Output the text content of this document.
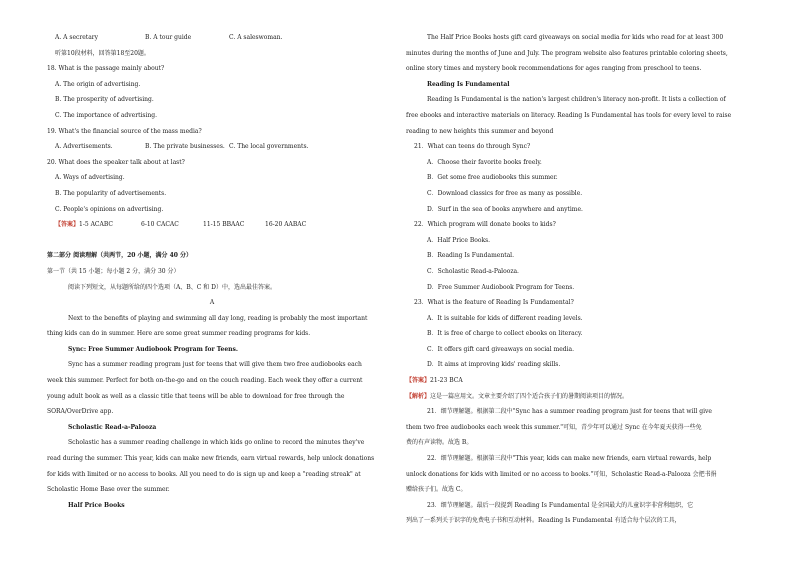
A. A secretary	B. A tour guide	C. A saleswoman.
听第10段材料，回答第18至20题。
18. What is the passage mainly about?
A. The origin of advertising.
B. The prosperity of advertising.
C. The importance of advertising.
19. What's the financial source of the mass media?
A. Advertisements.	B. The private businesses. C. The local governments.
20. What does the speaker talk about at last?
A. Ways of advertising.
B. The popularity of advertisements.
C. People's opinions on advertising.
【答案】 1-5 ACABC	6-10 CACAC	11-15 BBAAC	16-20 AABAC
第二部分 阅读理解（共两节，20 小题，满分 40 分）
第一节（共 15 小题；每小题 2 分，满分 30 分）
阅读下列短文，从每题所给的四个选项（A、B、C 和 D）中，选出最佳答案。
A
Next to the benefits of playing and swimming all day long, reading is probably the most important
thing kids can do in summer. Here are some great summer reading programs for kids.
Sync: Free Summer Audiobook Program for Teens.
Sync has a summer reading program just for teens that will give them two free audiobooks each
week this summer. Perfect for both on-the-go and on the couch reading. Each week they offer a current
young adult book as well as a classic title that teens will be able to download for free through the
SORA/OverDrive app.
Scholastic Read-a-Palooza
Scholastic has a summer reading challenge in which kids go online to record the minutes they've
read during the summer. This year, kids can make new friends, earn virtual rewards, help unlock donations
for kids with limited or no access to books. All you need to do is sign up and keep a "reading streak" at
Scholastic Home Base over the summer.
Half Price Books
The Half Price Books hosts gift card giveaways on social media for kids who read for at least 300
minutes during the months of June and July. The program website also features printable coloring sheets,
online story times and mystery book recommendations for ages ranging from preschool to teens.
Reading Is Fundamental
Reading Is Fundamental is the nation's largest children's literacy non-profit. It lists a collection of
free ebooks and interactive materials on literacy. Reading Is Fundamental has tools for every level to raise
reading to new heights this summer and beyond
21．What can teens do through Sync?
A．Choose their favorite books freely.
B．Get some free audiobooks this summer.
C．Download classics for free as many as possible.
D．Surf in the sea of books anywhere and anytime.
22．Which program will donate books to kids?
A．Half Price Books.
B．Reading Is Fundamental.
C．Scholastic Read-a-Palooza.
D．Free Summer Audiobook Program for Teens.
23．What is the feature of Reading Is Fundamental?
A．It is suitable for kids of different reading levels.
B．It is free of charge to collect ebooks on literacy.
C．It offers gift card giveaways on social media.
D．It aims at improving kids' reading skills.
【答案】21-23 BCA
【解析】这是一篇应用文。文章主要介绍了四个适合孩子们的暑期阅读项目的情况。
21．细节理解题。根据第二段中"Sync has a summer reading program just for teens that will give
them two free audiobooks each week this summer."可知，青少年可以通过 Sync 在今年夏天获得一些免
费的有声读物。故选 B。
22．细节理解题。根据第三段中"This year, kids can make new friends, earn virtual rewards, help
unlock donations for kids with limited or no access to books."可知，Scholastic Read-a-Palooza 会把书捐
赠给孩子们。故选 C。
23．细节理解题。最后一段提到 Reading Is Fundamental 是全国最大的儿童识字非营利组织，它
列出了一系列关于识字的免费电子书和互动材料。Reading Is Fundamental 有适合每个层次的工具，
